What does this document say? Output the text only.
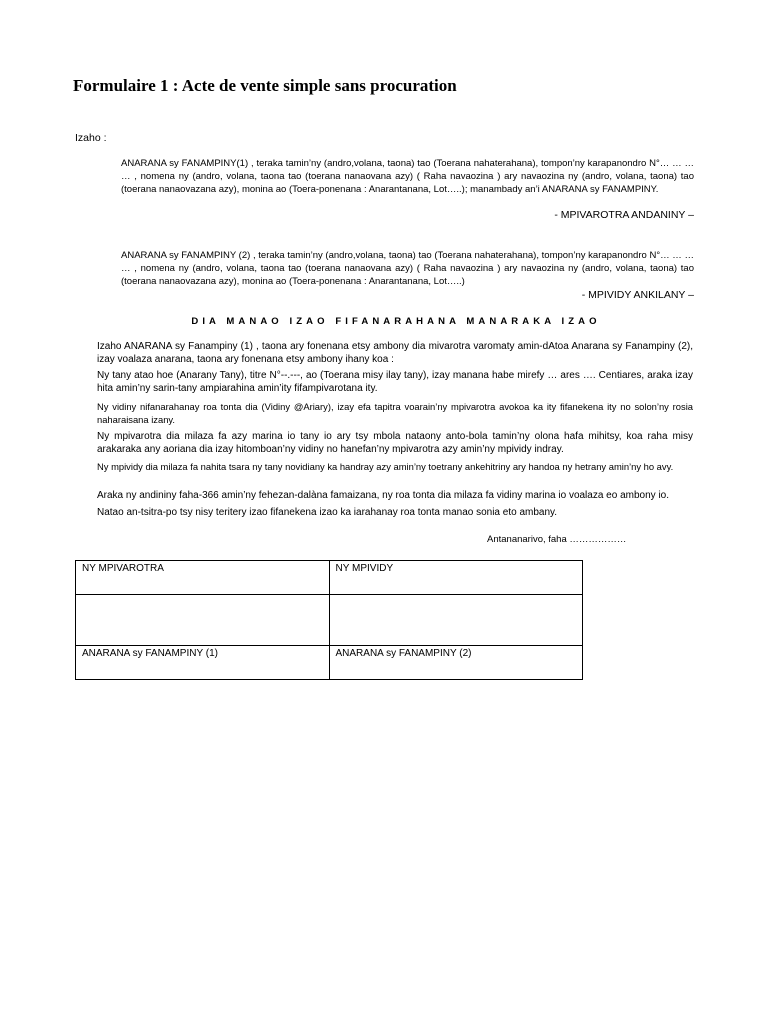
Formulaire 1 : Acte de vente simple sans procuration
Izaho :
ANARANA sy FANAMPINY(1) , teraka tamin’ny (andro,volana, taona) tao (Toerana nahaterahana), tompon’ny karapanondro N°… … … … , nomena ny (andro, volana, taona tao (toerana nanaovana azy) ( Raha navaozina ) ary navaozina ny (andro, volana, taona) tao (toerana nanaovazana azy), monina ao (Toera-ponenana : Anarantanana, Lot…..); manambady an’i ANARANA sy FANAMPINY.
- MPIVAROTRA ANDANINY –
ANARANA sy FANAMPINY (2) , teraka tamin’ny (andro,volana, taona) tao (Toerana nahaterahana), tompon’ny karapanondro N°… … … … , nomena ny (andro, volana, taona tao (toerana nanaovana azy) ( Raha navaozina ) ary navaozina ny (andro, volana, taona) tao (toerana nanaovazana azy), monina ao (Toera-ponenana : Anarantanana, Lot…..)
- MPIVIDY ANKILANY –
DIA MANAO IZAO FIFANARAHANA MANARAKA IZAO
Izaho ANARANA sy Fanampiny (1) , taona ary fonenana etsy ambony dia mivarotra varomaty amin-dAtoa Anarana sy Fanampiny (2), izay voalaza anarana, taona ary fonenana etsy ambony ihany koa :
Ny tany atao hoe (Anarany Tany), titre N°--.---, ao (Toerana misy ilay tany), izay manana habe mirefy … ares …. Centiares, araka izay hita amin’ny sarin-tany ampiarahina amin’ity fifampivarotana ity.
Ny vidiny nifanarahanay roa tonta dia (Vidiny @Ariary), izay efa tapitra voarain’ny mpivarotra avokoa ka ity fifanekena ity no solon’ny rosia naharaisana izany.
Ny mpivarotra dia milaza fa azy marina io tany io ary tsy mbola nataony anto-bola tamin’ny olona hafa mihitsy, koa raha misy arakaraka any aoriana dia izay hitomboan’ny vidiny no hanefan’ny mpivarotra azy amin’ny mpividy indray.
Ny mpividy dia milaza fa nahita tsara ny tany novidiany ka handray azy amin’ny toetrany ankehitriny ary handoa ny hetrany amin’ny ho avy.
Araka ny andininy faha-366 amin’ny fehezan-dalàna famaizana, ny roa tonta dia milaza fa vidiny marina io voalaza eo ambony io.
Natao an-tsitra-po tsy nisy teritery izao fifanekena izao ka iarahanay roa tonta manao sonia eto ambany.
Antananarivo, faha ………………
NY MPIVAROTRA	NY MPIVIDY

ANARANA sy FANAMPINY (1)	ANARANA sy FANAMPINY (2)
